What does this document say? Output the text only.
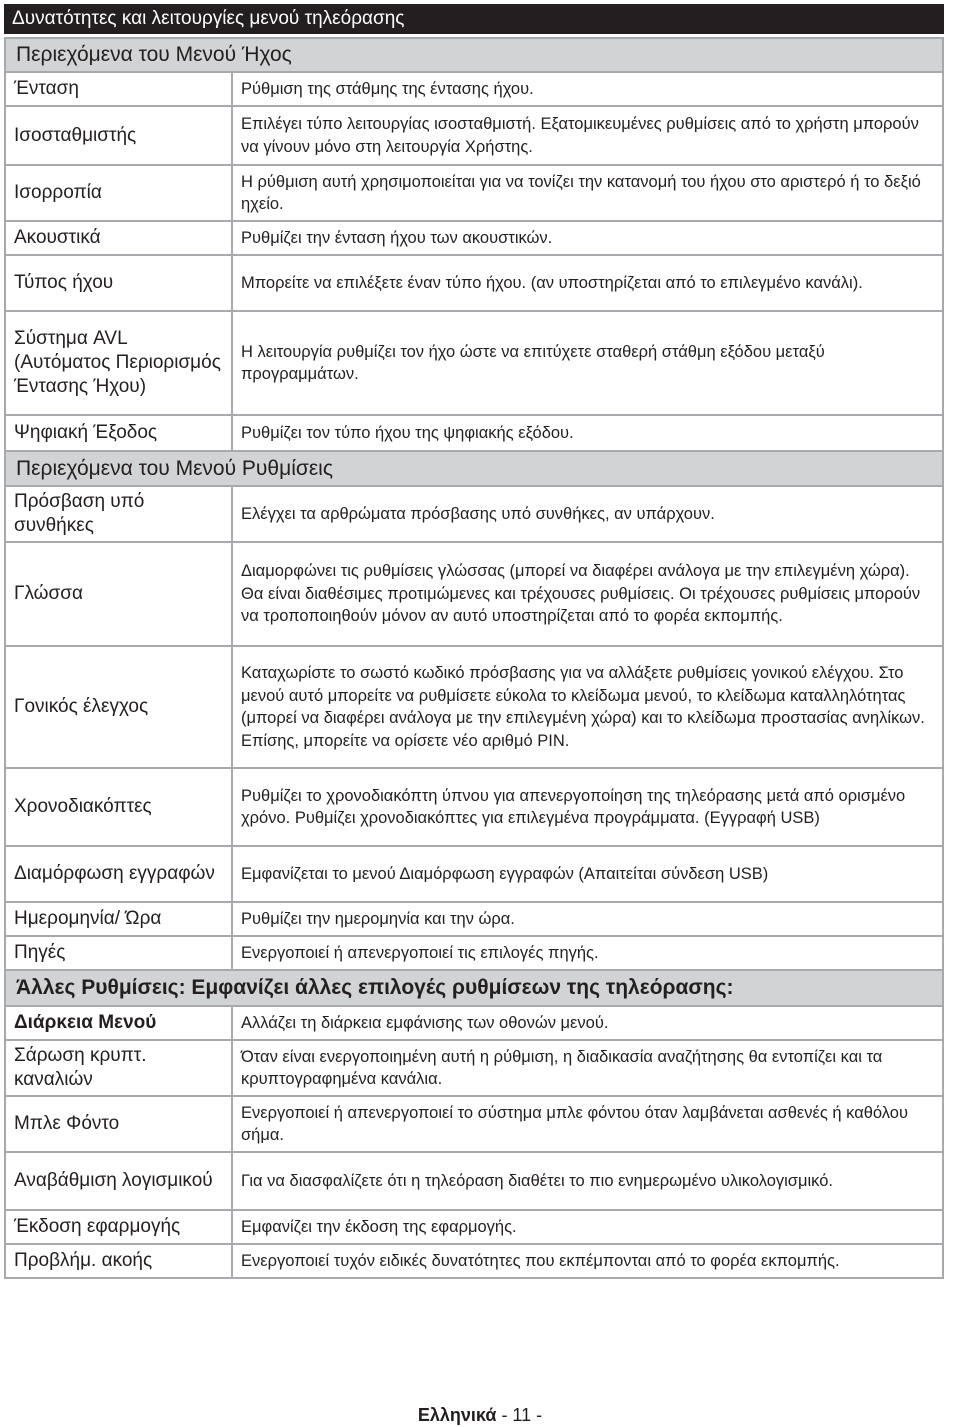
Δυνατότητες και λειτουργίες μενού τηλεόρασης
Περιεχόμενα του Μενού Ήχος	
Ένταση	Ρύθμιση της στάθμης της έντασης ήχου.
Ισοσταθμιστής	Επιλέγει τύπο λειτουργίας ισοσταθμιστή. Εξατομικευμένες ρυθμίσεις από το χρήστη μπορούν να γίνουν μόνο στη λειτουργία Χρήστης.
Ισορροπία	Η ρύθμιση αυτή χρησιμοποιείται για να τονίζει την κατανομή του ήχου στο αριστερό ή το δεξιό ηχείο.
Ακουστικά	Ρυθμίζει την ένταση ήχου των ακουστικών.
Τύπος ήχου	Μπορείτε να επιλέξετε έναν τύπο ήχου. (αν υποστηρίζεται από το επιλεγμένο κανάλι).
Σύστημα AVL (Αυτόματος Περιορισμός Έντασης Ήχου)	Η λειτουργία ρυθμίζει τον ήχο ώστε να επιτύχετε σταθερή στάθμη εξόδου μεταξύ προγραμμάτων.
Ψηφιακή Έξοδος	Ρυθμίζει τον τύπο ήχου της ψηφιακής εξόδου.
Περιεχόμενα του Μενού Ρυθμίσεις	
Πρόσβαση υπό συνθήκες	Ελέγχει τα αρθρώματα πρόσβασης υπό συνθήκες, αν υπάρχουν.
Γλώσσα	Διαμορφώνει τις ρυθμίσεις γλώσσας (μπορεί να διαφέρει ανάλογα με την επιλεγμένη χώρα). Θα είναι διαθέσιμες προτιμώμενες και τρέχουσες ρυθμίσεις. Οι τρέχουσες ρυθμίσεις μπορούν να τροποποιηθούν μόνον αν αυτό υποστηρίζεται από το φορέα εκπομπής.
Γονικός έλεγχος	Καταχωρίστε το σωστό κωδικό πρόσβασης για να αλλάξετε ρυθμίσεις γονικού ελέγχου. Στο μενού αυτό μπορείτε να ρυθμίσετε εύκολα το κλείδωμα μενού, το κλείδωμα καταλληλότητας (μπορεί να διαφέρει ανάλογα με την επιλεγμένη χώρα) και το κλείδωμα προστασίας ανηλίκων. Επίσης, μπορείτε να ορίσετε νέο αριθμό PIN.
Χρονοδιακόπτες	Ρυθμίζει το χρονοδιακόπτη ύπνου για απενεργοποίηση της τηλεόρασης μετά από ορισμένο χρόνο. Ρυθμίζει χρονοδιακόπτες για επιλεγμένα προγράμματα. (Εγγραφή USB)
Διαμόρφωση εγγραφών	Εμφανίζεται το μενού Διαμόρφωση εγγραφών (Απαιτείται σύνδεση USB)
Ημερομηνία/ Ώρα	Ρυθμίζει την ημερομηνία και την ώρα.
Πηγές	Ενεργοποιεί ή απενεργοποιεί τις επιλογές πηγής.
Άλλες Ρυθμίσεις: Εμφανίζει άλλες επιλογές ρυθμίσεων της τηλεόρασης:	
Διάρκεια Μενού	Αλλάζει τη διάρκεια εμφάνισης των οθονών μενού.
Σάρωση κρυπτ. καναλιών	Όταν είναι ενεργοποιημένη αυτή η ρύθμιση, η διαδικασία αναζήτησης θα εντοπίζει και τα κρυπτογραφημένα κανάλια.
Μπλε Φόντο	Ενεργοποιεί ή απενεργοποιεί το σύστημα μπλε φόντου όταν λαμβάνεται ασθενές ή καθόλου σήμα.
Αναβάθμιση λογισμικού	Για να διασφαλίζετε ότι η τηλεόραση διαθέτει το πιο ενημερωμένο υλικολογισμικό.
Έκδοση εφαρμογής	Εμφανίζει την έκδοση της εφαρμογής.
Προβλήμ. ακοής	Ενεργοποιεί τυχόν ειδικές δυνατότητες που εκπέμπονται από το φορέα εκπομπής.
Ελληνικά - 11 -
